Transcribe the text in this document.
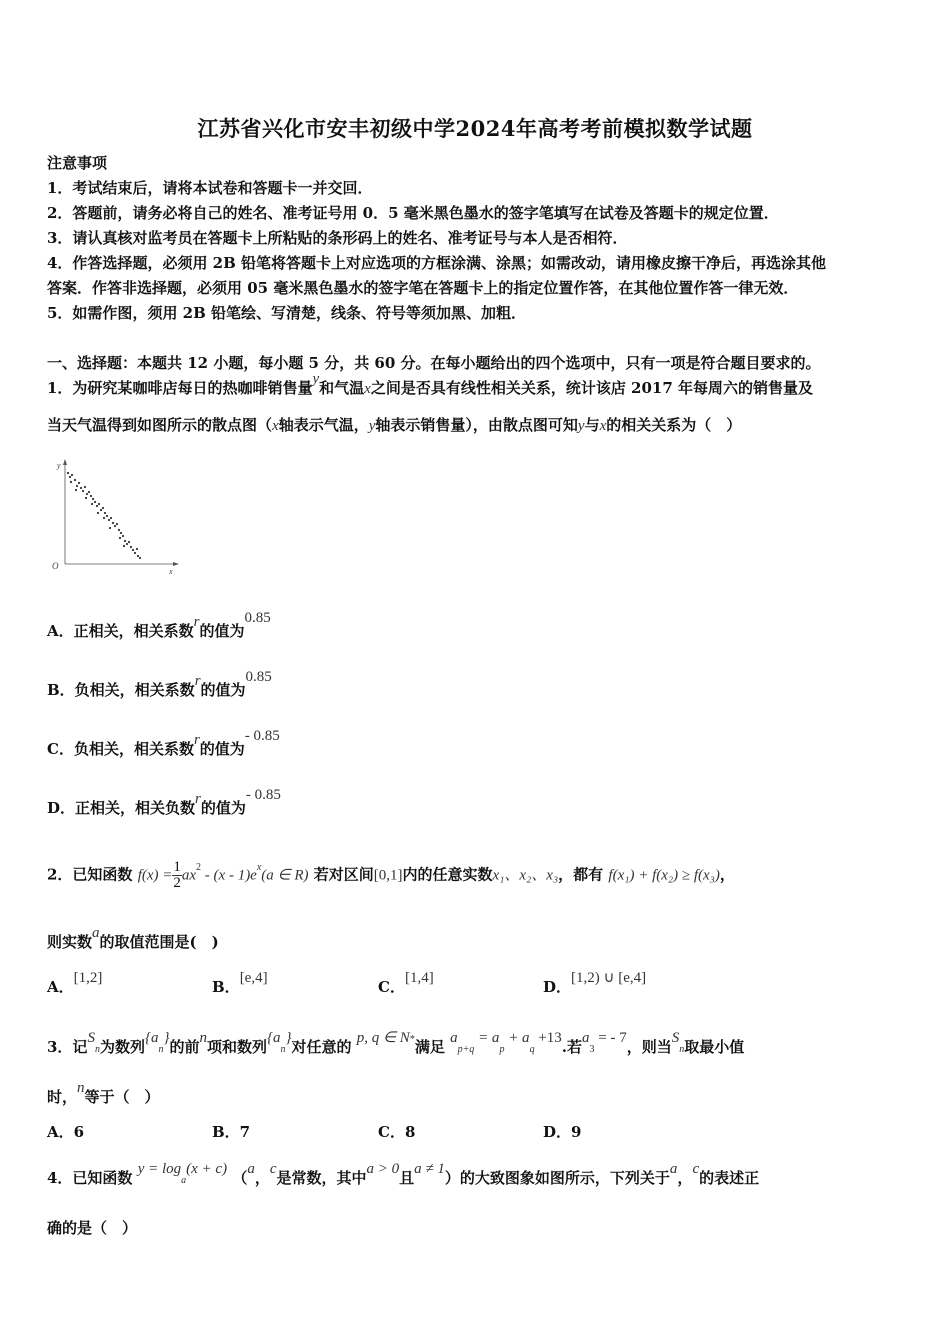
江苏省兴化市安丰初级中学2024年高考考前模拟数学试题
注意事项
1．考试结束后，请将本试卷和答题卡一并交回．
2．答题前，请务必将自己的姓名、准考证号用 0．5 毫米黑色墨水的签字笔填写在试卷及答题卡的规定位置．
3．请认真核对监考员在答题卡上所粘贴的条形码上的姓名、准考证号与本人是否相符．
4．作答选择题，必须用 2B 铅笔将答题卡上对应选项的方框涂满、涂黑；如需改动，请用橡皮擦干净后，再选涂其他
答案．作答非选择题，必须用 05 毫米黑色墨水的签字笔在答题卡上的指定位置作答，在其他位置作答一律无效．
5．如需作图，须用 2B 铅笔绘、写清楚，线条、符号等须加黑、加粗．
一、选择题：本题共 12 小题，每小题 5 分，共 60 分。在每小题给出的四个选项中，只有一项是符合题目要求的。
1．为研究某咖啡店每日的热咖啡销售量y和气温x之间是否具有线性相关关系，统计该店 2017 年每周六的销售量及
当天气温得到如图所示的散点图（x轴表示气温，y轴表示销售量），由散点图可知y与x的相关关系为（　）
y
x
O
A．正相关，相关系数r的值为0.85
B．负相关，相关系数r的值为0.85
C．负相关，相关系数r的值为- 0.85
D．正相关，相关负数r的值为- 0.85
2．已知函数 $f(x) = \frac{1}{2} ax^2 - (x - 1)e^x(a$ ∈ R) 若对区间[0,1]内的任意实数x₁、x₂、x₃，都有 f(x₁) + f(x₂) ≥ f(x₃)，
则实数a的取值范围是(　)
A．[1,2]	B．[e,4]	C．[1,4]	D．[1,2) ∪ [e,4]
3．记Sn为数列{an}的前n项和数列{an}对任意的 p, q ∈ N*满足 ap+q = ap + aq +13.若a3 = - 7，则当Sn取最小值
时，n等于（　）
A．6	B．7	C．8	D．9
4．已知函数 y = loga(x + c) （a，c是常数，其中a > 0且a ≠ 1）的大致图象如图所示，下列关于a，c的表述正
确的是（　）
